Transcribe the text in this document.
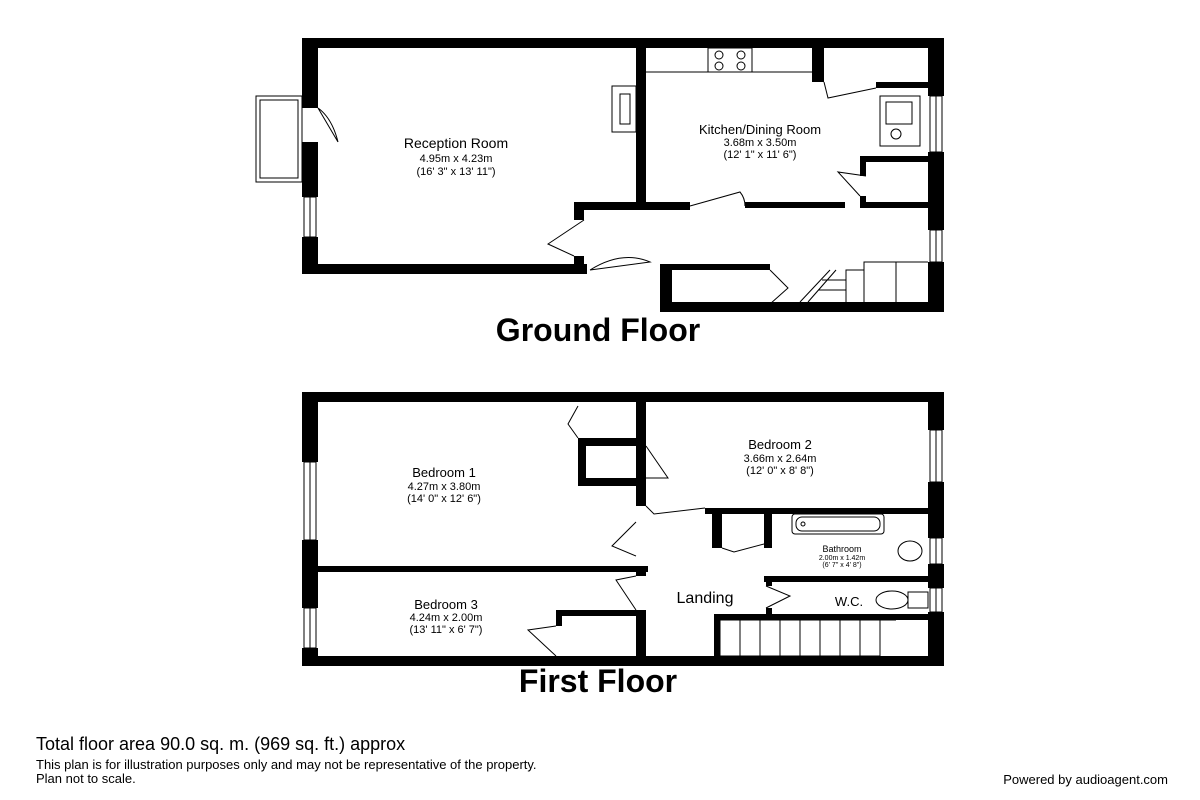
Reception Room
4.95m x 4.23m
(16' 3" x 13' 11")
Kitchen/Dining Room
3.68m x 3.50m
(12' 1" x 11' 6")
Ground Floor
Bedroom 1
4.27m x 3.80m
(14' 0" x 12' 6")
Bedroom 2
3.66m x 2.64m
(12' 0" x 8' 8")
Bedroom 3
4.24m x 2.00m
(13' 11" x 6' 7")
Bathroom
2.00m x 1.42m
(6' 7" x 4' 8")
Landing	W.C.
First Floor
Total floor area 90.0 sq. m. (969 sq. ft.) approx
This plan is for illustration purposes only and may not be representative of the property.
Plan not to scale.	Powered by audioagent.com
